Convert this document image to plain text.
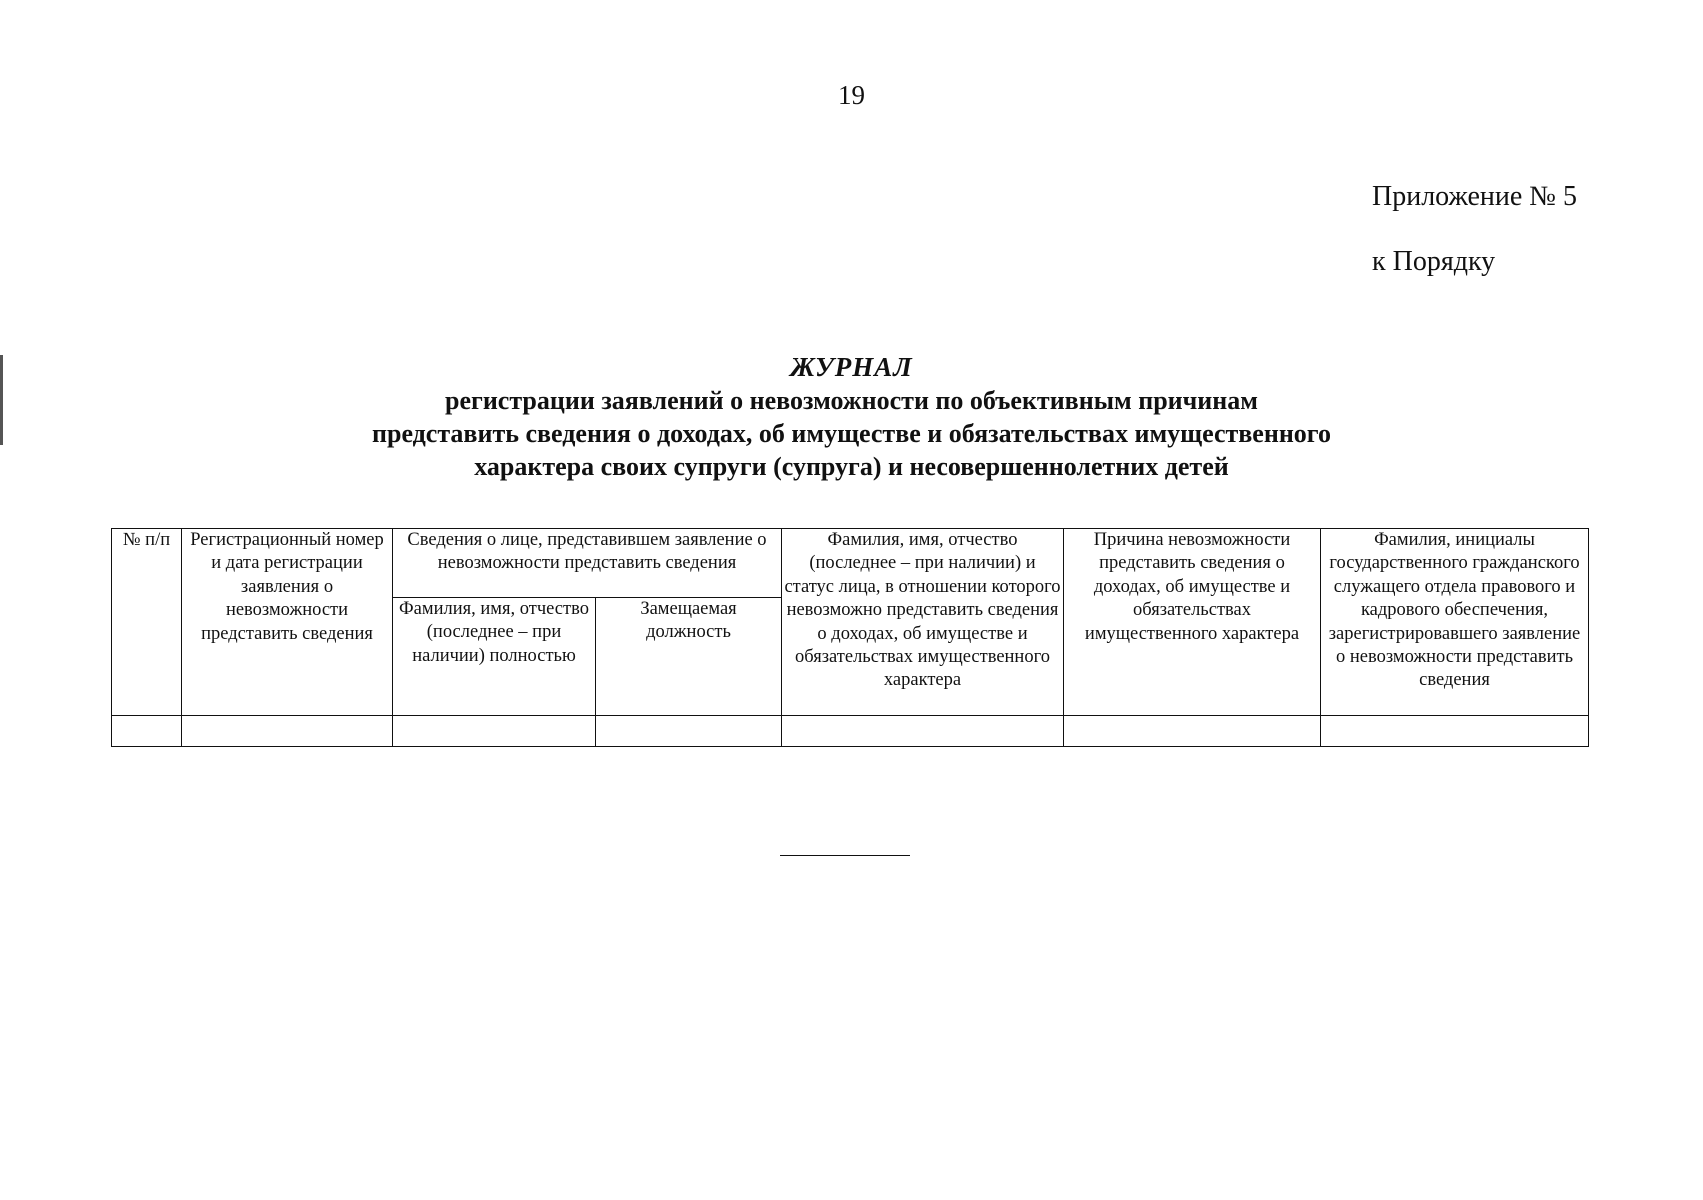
19
Приложение № 5
к Порядку
ЖУРНАЛ
регистрации заявлений о невозможности по объективным причинам
представить сведения о доходах, об имуществе и обязательствах имущественного
характера своих супруги (супруга) и несовершеннолетних детей
№ п/п	Регистрационный номер и дата регистрации заявления о невозможности представить сведения	Сведения о лице, представившем заявление о невозможности представить сведения		Фамилия, имя, отчество (последнее – при наличии) и статус лица, в отношении которого невозможно представить сведения о доходах, об имуществе и обязательствах имущественного характера	Причина невозможности представить сведения о доходах, об имуществе и обязательствах имущественного характера	Фамилия, инициалы государственного гражданского служащего отдела правового и кадрового обеспечения, зарегистрировавшего заявление о невозможности представить сведения
		Фамилия, имя, отчество (последнее – при наличии) полностью	Замещаемая должность			
